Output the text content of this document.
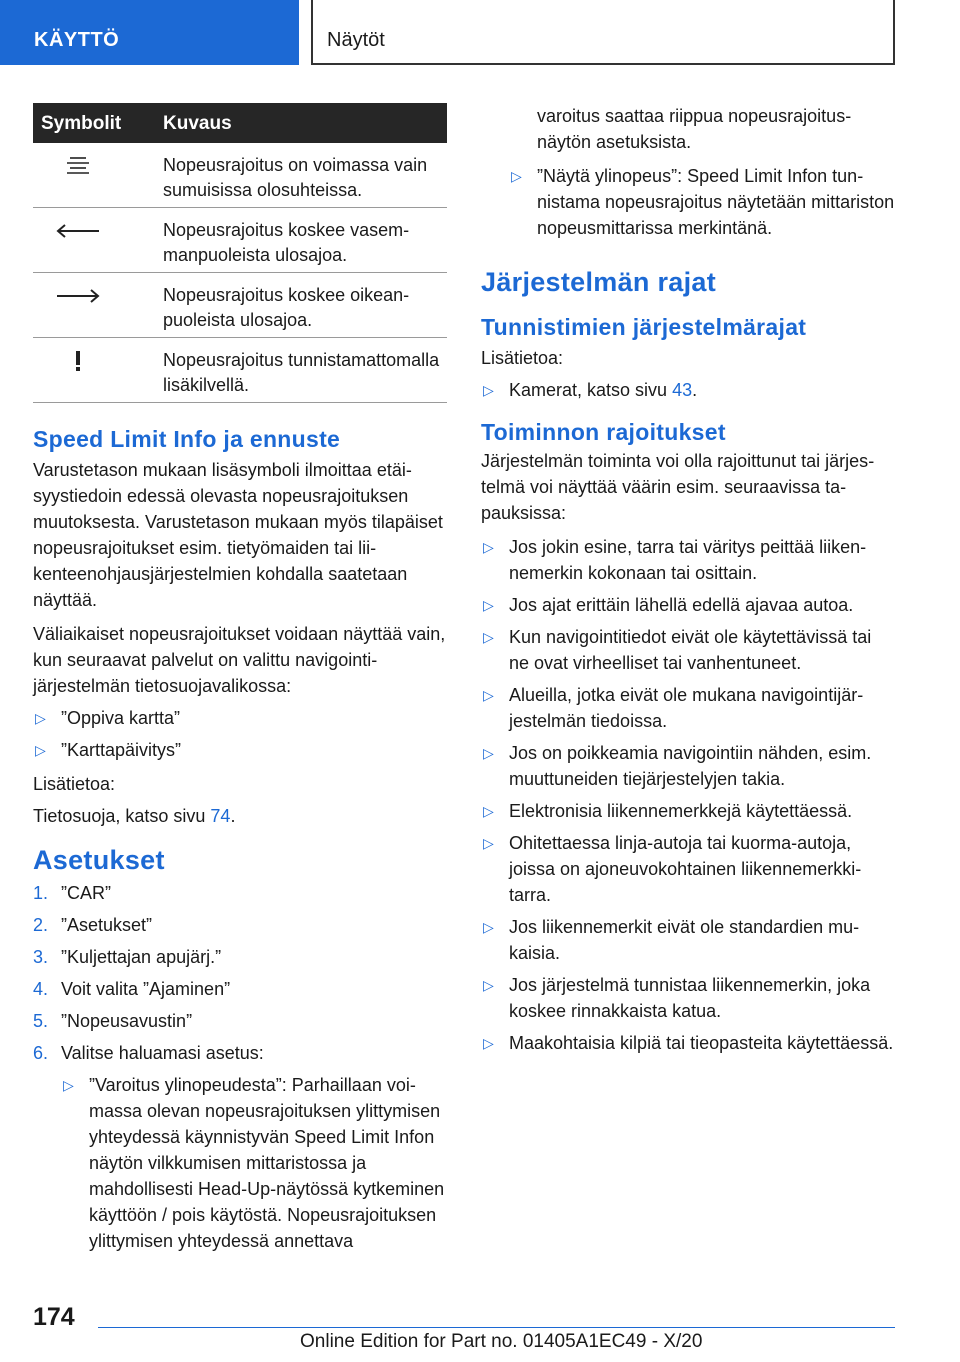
KÄYTTÖ	Näytöt
Symbolit Kuvaus
Nopeusrajoitus on voimassa vain sumuisissa olosuhteissa.
Nopeusrajoitus koskee vasemmanpuoleista ulosajoa.
Nopeusrajoitus koskee oikeanpuoleista ulosajoa.
Nopeusrajoitus tunnistamattomalla lisäkilvellä.
Speed Limit Info ja ennuste
Varustetason mukaan lisäsymboli ilmoittaa etäisyystiedoin edessä olevasta nopeusrajoituksen muutoksesta. Varustetason mukaan myös tilapäiset nopeusrajoitukset esim. tietyömaiden tai liikenteenohjausjärjestelmien kohdalla saatetaan näyttää.
Väliaikaiset nopeusrajoitukset voidaan näyttää vain, kun seuraavat palvelut on valittu navigointijärjestelmän tietosuojavalikossa:
▷ ”Oppiva kartta”
▷ ”Karttapäivitys”
Lisätietoa:
Tietosuoja, katso sivu 74.
Asetukset
1. ”CAR”
2. ”Asetukset”
3. ”Kuljettajan apujärj.”
4. Voit valita ”Ajaminen”
5. ”Nopeusavustin”
6. Valitse haluamasi asetus:
▷ ”Varoitus ylinopeudesta”: Parhaillaan voimassa olevan nopeusrajoituksen ylittymisen yhteydessä käynnistyvän Speed Limit Infon näytön vilkkumisen mittaristossa ja mahdollisesti Head-Up-näytössä kytkeminen käyttöön / pois käytöstä. Nopeusrajoituksen ylittymisen yhteydessä annettava
varoitus saattaa riippua nopeusrajoitusnäytön asetuksista.
▷ ”Näytä ylinopeus”: Speed Limit Infon tunnistama nopeusrajoitus näytetään mittariston nopeusmittarissa merkintänä.
Järjestelmän rajat
Tunnistimien järjestelmärajat
Lisätietoa:
▷ Kamerat, katso sivu 43.
Toiminnon rajoitukset
Järjestelmän toiminta voi olla rajoittunut tai järjestelmä voi näyttää väärin esim. seuraavissa tapauksissa:
▷ Jos jokin esine, tarra tai väritys peittää liikennemerkin kokonaan tai osittain.
▷ Jos ajat erittäin lähellä edellä ajavaa autoa.
▷ Kun navigointitiedot eivät ole käytettävissä tai ne ovat virheelliset tai vanhentuneet.
▷ Alueilla, jotka eivät ole mukana navigointijärjestelmän tiedoissa.
▷ Jos on poikkeamia navigointiin nähden, esim. muuttuneiden tiejärjestelyjen takia.
▷ Elektronisia liikennemerkkejä käytettäessä.
▷ Ohitettaessa linja-autoja tai kuorma-autoja, joissa on ajoneuvokohtainen liikennemerkkitarra.
▷ Jos liikennemerkit eivät ole standardien mukaisia.
▷ Jos järjestelmä tunnistaa liikennemerkin, joka koskee rinnakkaista katua.
▷ Maakohtaisia kilpiä tai tieopasteita käytettäessä.
174
Online Edition for Part no. 01405A1EC49 - X/20
